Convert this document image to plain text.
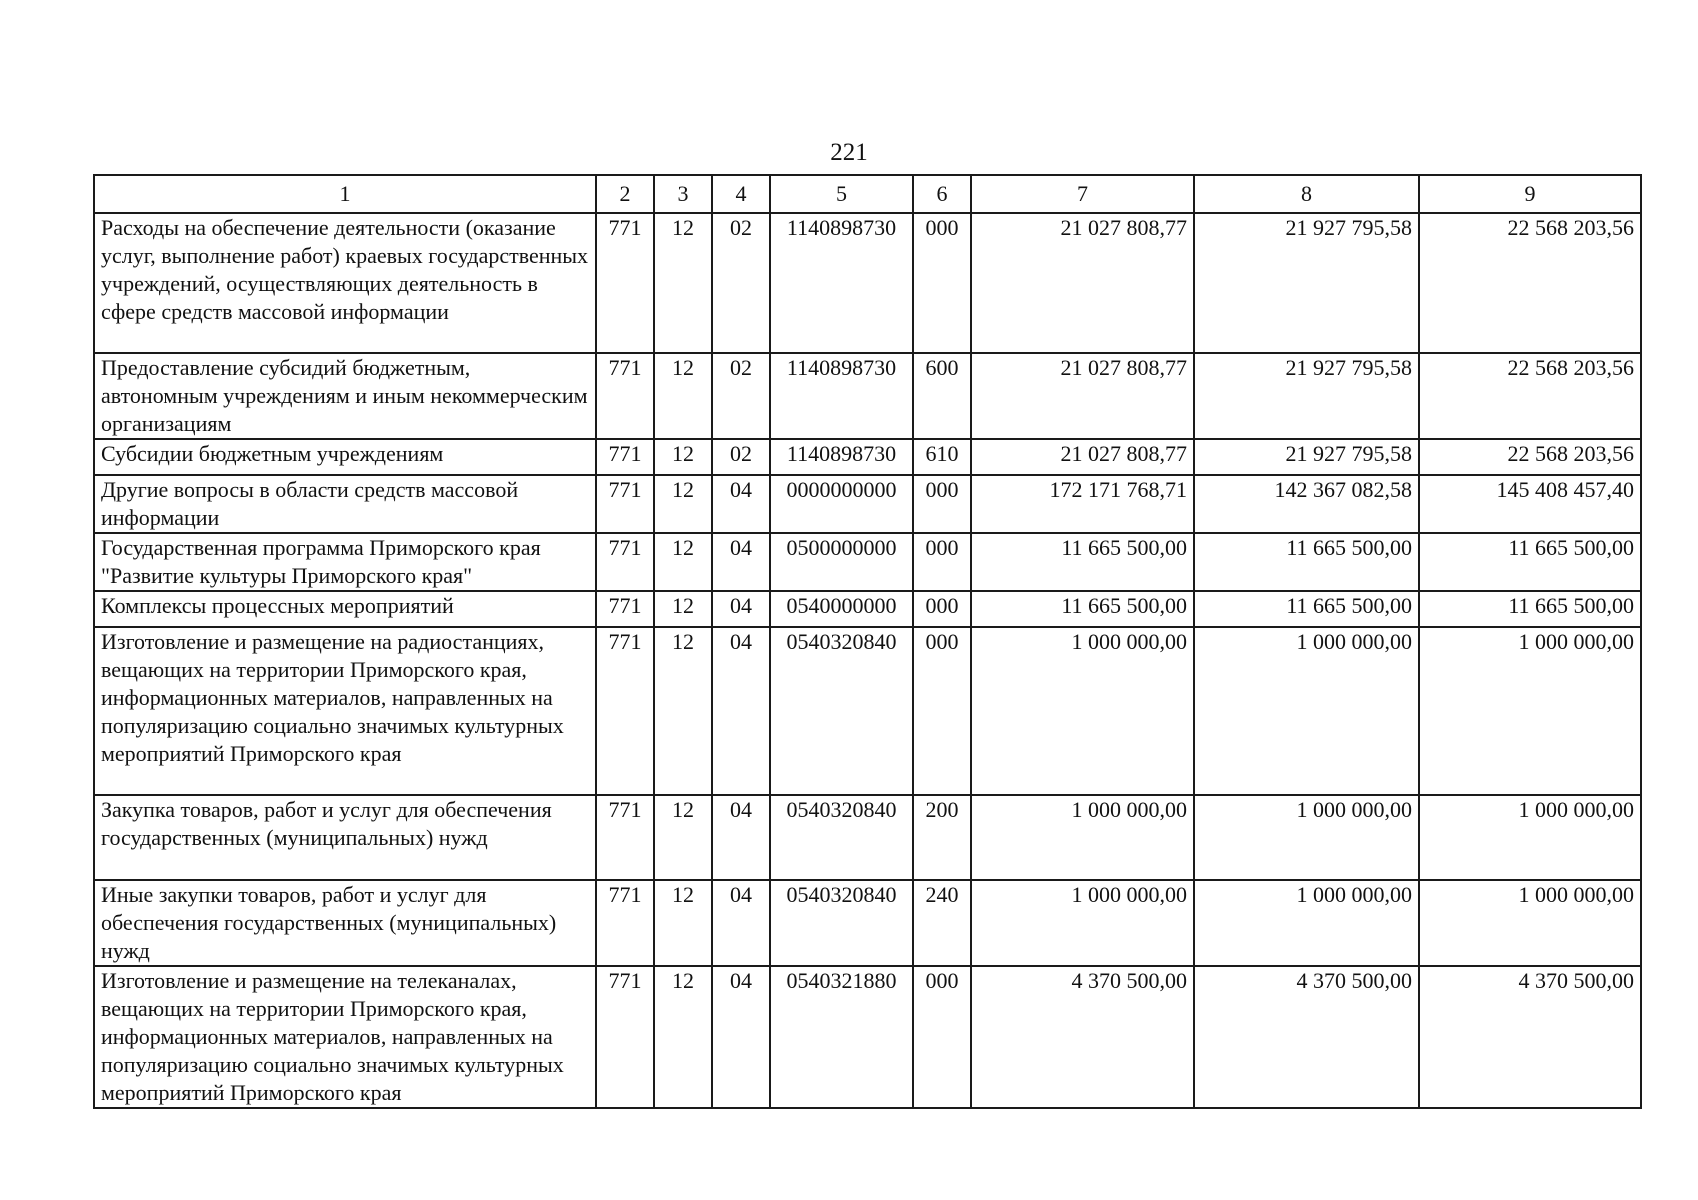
221
1	2	3	4	5	6	7	8	9
Расходы на обеспечение деятельности (оказание услуг, выполнение работ) краевых государственных учреждений, осуществляющих деятельность в сфере средств массовой информации	771	12	02	1140898730	000	21 027 808,77	21 927 795,58	22 568 203,56
Предоставление субсидий бюджетным, автономным учреждениям и иным некоммерческим организациям	771	12	02	1140898730	600	21 027 808,77	21 927 795,58	22 568 203,56
Субсидии бюджетным учреждениям	771	12	02	1140898730	610	21 027 808,77	21 927 795,58	22 568 203,56
Другие вопросы в области средств массовой информации	771	12	04	0000000000	000	172 171 768,71	142 367 082,58	145 408 457,40
Государственная программа Приморского края "Развитие культуры Приморского края"	771	12	04	0500000000	000	11 665 500,00	11 665 500,00	11 665 500,00
Комплексы процессных мероприятий	771	12	04	0540000000	000	11 665 500,00	11 665 500,00	11 665 500,00
Изготовление и размещение на радиостанциях, вещающих на территории Приморского края, информационных материалов, направленных на популяризацию социально значимых культурных мероприятий Приморского края	771	12	04	0540320840	000	1 000 000,00	1 000 000,00	1 000 000,00
Закупка товаров, работ и услуг для обеспечения государственных (муниципальных) нужд	771	12	04	0540320840	200	1 000 000,00	1 000 000,00	1 000 000,00
Иные закупки товаров, работ и услуг для обеспечения государственных (муниципальных) нужд	771	12	04	0540320840	240	1 000 000,00	1 000 000,00	1 000 000,00
Изготовление и размещение на телеканалах, вещающих на территории Приморского края, информационных материалов, направленных на популяризацию социально значимых культурных мероприятий Приморского края	771	12	04	0540321880	000	4 370 500,00	4 370 500,00	4 370 500,00
